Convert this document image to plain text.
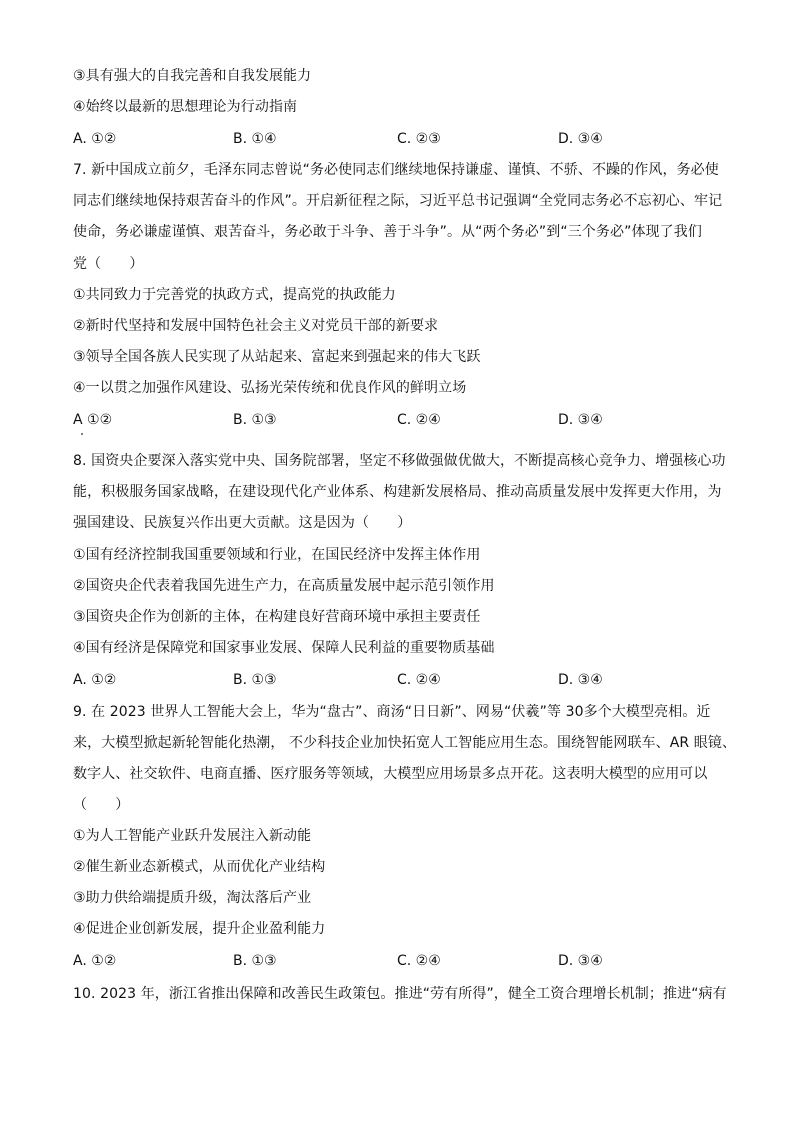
③具有强大的自我完善和自我发展能力
④始终以最新的思想理论为行动指南
A. ①②	B. ①④	C. ②③	D. ③④
7. 新中国成立前夕，毛泽东同志曾说“务必使同志们继续地保持谦虚、谨慎、不骄、不躁的作风，务必使
同志们继续地保持艰苦奋斗的作风”。开启新征程之际，习近平总书记强调“全党同志务必不忘初心、牢记
使命，务必谦虚谨慎、艰苦奋斗，务必敢于斗争、善于斗争”。从“两个务必”到“三个务必”体现了我们
党（　　）
①共同致力于完善党的执政方式，提高党的执政能力
②新时代坚持和发展中国特色社会主义对党员干部的新要求
③领导全国各族人民实现了从站起来、富起来到强起来的伟大飞跃
④一以贯之加强作风建设、弘扬光荣传统和优良作风的鲜明立场
A ①②	B. ①③	C. ②④	D. ③④
8. 国资央企要深入落实党中央、国务院部署，坚定不移做强做优做大，不断提高核心竞争力、增强核心功
能，积极服务国家战略，在建设现代化产业体系、构建新发展格局、推动高质量发展中发挥更大作用，为
强国建设、民族复兴作出更大贡献。这是因为（　　）
①国有经济控制我国重要领域和行业，在国民经济中发挥主体作用
②国资央企代表着我国先进生产力，在高质量发展中起示范引领作用
③国资央企作为创新的主体，在构建良好营商环境中承担主要责任
④国有经济是保障党和国家事业发展、保障人民利益的重要物质基础
A. ①②	B. ①③	C. ②④	D. ③④
9. 在 2023 世界人工智能大会上，华为“盘古”、商汤“日日新”、网易“伏羲”等 30多个大模型亮相。近
来，大模型掀起新轮智能化热潮， 不少科技企业加快拓宽人工智能应用生态。围绕智能网联车、AR 眼镜、
数字人、社交软件、电商直播、医疗服务等领域，大模型应用场景多点开花。这表明大模型的应用可以
（　　）
①为人工智能产业跃升发展注入新动能
②催生新业态新模式，从而优化产业结构
③助力供给端提质升级，淘汰落后产业
④促进企业创新发展，提升企业盈利能力
A. ①②	B. ①③	C. ②④	D. ③④
10. 2023 年，浙江省推出保障和改善民生政策包。推进“劳有所得”，健全工资合理增长机制；推进“病有
